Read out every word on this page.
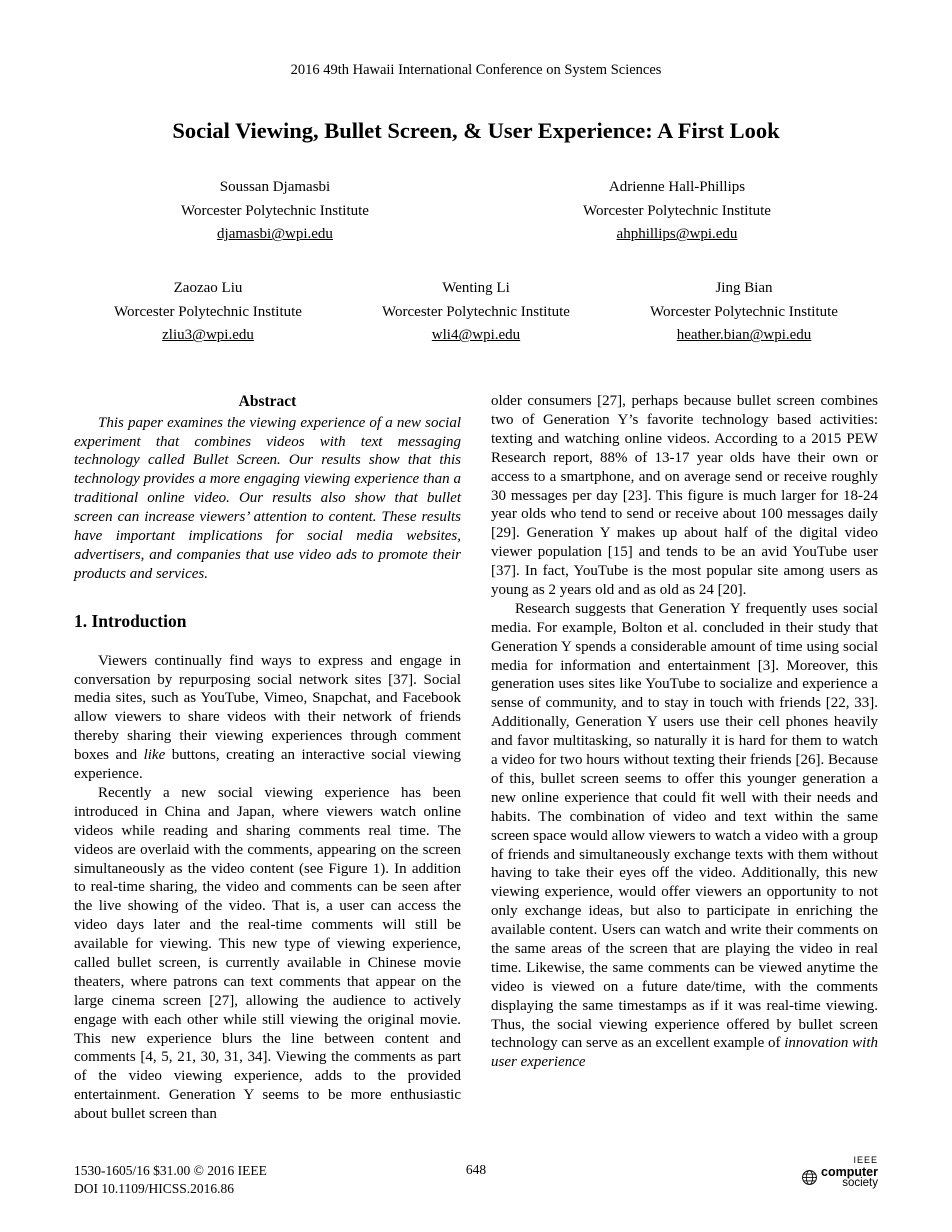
2016 49th Hawaii International Conference on System Sciences
Social Viewing, Bullet Screen, & User Experience: A First Look
Soussan Djamasbi
Worcester Polytechnic Institute
djamasbi@wpi.edu
Adrienne Hall-Phillips
Worcester Polytechnic Institute
ahphillips@wpi.edu
Zaozao Liu
Worcester Polytechnic Institute
zliu3@wpi.edu
Wenting Li
Worcester Polytechnic Institute
wli4@wpi.edu
Jing Bian
Worcester Polytechnic Institute
heather.bian@wpi.edu
Abstract

This paper examines the viewing experience of a new social experiment that combines videos with text messaging technology called Bullet Screen. Our results show that this technology provides a more engaging viewing experience than a traditional online video. Our results also show that bullet screen can increase viewers’ attention to content. These results have important implications for social media websites, advertisers, and companies that use video ads to promote their products and services.

1. Introduction

Viewers continually find ways to express and engage in conversation by repurposing social network sites [37]. Social media sites, such as YouTube, Vimeo, Snapchat, and Facebook allow viewers to share videos with their network of friends thereby sharing their viewing experiences through comment boxes and like buttons, creating an interactive social viewing experience.

Recently a new social viewing experience has been introduced in China and Japan, where viewers watch online videos while reading and sharing comments real time. The videos are overlaid with the comments, appearing on the screen simultaneously as the video content (see Figure 1). In addition to real-time sharing, the video and comments can be seen after the live showing of the video. That is, a user can access the video days later and the real-time comments will still be available for viewing. This new type of viewing experience, called bullet screen, is currently available in Chinese movie theaters, where patrons can text comments that appear on the large cinema screen [27], allowing the audience to actively engage with each other while still viewing the original movie. This new experience blurs the line between content and comments [4, 5, 21, 30, 31, 34]. Viewing the comments as part of the video viewing experience, adds to the provided entertainment. Generation Y seems to be more enthusiastic about bullet screen than

older consumers [27], perhaps because bullet screen combines two of Generation Y’s favorite technology based activities: texting and watching online videos. According to a 2015 PEW Research report, 88% of 13-17 year olds have their own or access to a smartphone, and on average send or receive roughly 30 messages per day [23]. This figure is much larger for 18-24 year olds who tend to send or receive about 100 messages daily [29]. Generation Y makes up about half of the digital video viewer population [15] and tends to be an avid YouTube user [37]. In fact, YouTube is the most popular site among users as young as 2 years old and as old as 24 [20].

Research suggests that Generation Y frequently uses social media. For example, Bolton et al. concluded in their study that Generation Y spends a considerable amount of time using social media for information and entertainment [3]. Moreover, this generation uses sites like YouTube to socialize and experience a sense of community, and to stay in touch with friends [22, 33]. Additionally, Generation Y users use their cell phones heavily and favor multitasking, so naturally it is hard for them to watch a video for two hours without texting their friends [26]. Because of this, bullet screen seems to offer this younger generation a new online experience that could fit well with their needs and habits. The combination of video and text within the same screen space would allow viewers to watch a video with a group of friends and simultaneously exchange texts with them without having to take their eyes off the video. Additionally, this new viewing experience, would offer viewers an opportunity to not only exchange ideas, but also to participate in enriching the available content. Users can watch and write their comments on the same areas of the screen that are playing the video in real time. Likewise, the same comments can be viewed anytime the video is viewed on a future date/time, with the comments displaying the same timestamps as if it was real-time viewing. Thus, the social viewing experience offered by bullet screen technology can serve as an excellent example of innovation with user experience

1530-1605/16 $31.00 © 2016 IEEE
DOI 10.1109/HICSS.2016.86
648
IEEE
computer
society
